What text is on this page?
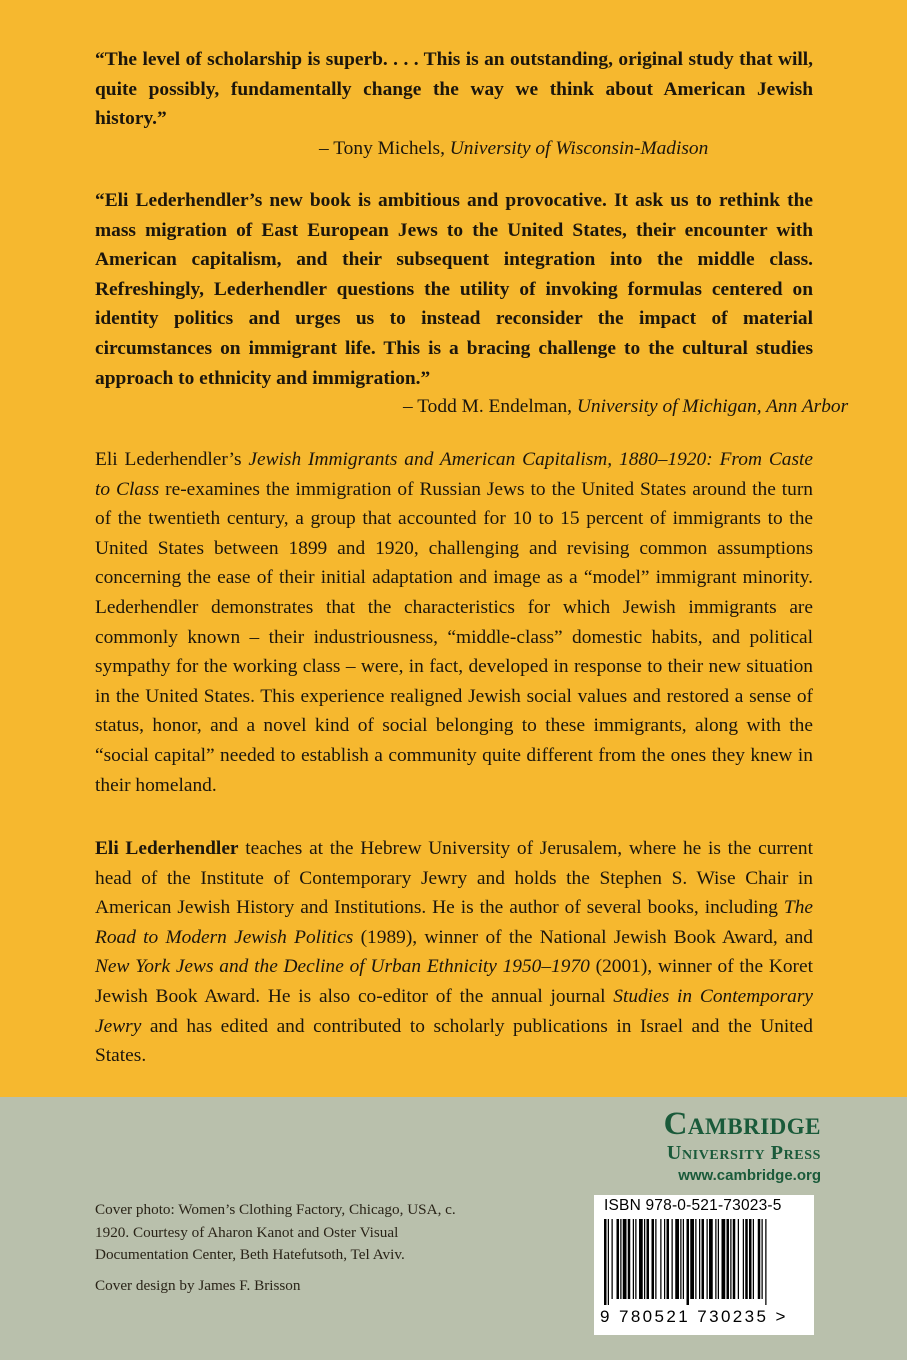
“The level of scholarship is superb. . . . This is an outstanding, original study that will, quite possibly, fundamentally change the way we think about American Jewish history.”

– Tony Michels, University of Wisconsin-Madison

“Eli Lederhendler’s new book is ambitious and provocative. It ask us to rethink the mass migration of East European Jews to the United States, their encounter with American capitalism, and their subsequent integration into the middle class. Refreshingly, Lederhendler questions the utility of invoking formulas centered on identity politics and urges us to instead reconsider the impact of material circumstances on immigrant life. This is a bracing challenge to the cultural studies approach to ethnicity and immigration.”

– Todd M. Endelman, University of Michigan, Ann Arbor

Eli Lederhendler’s Jewish Immigrants and American Capitalism, 1880–1920: From Caste to Class re-examines the immigration of Russian Jews to the United States around the turn of the twentieth century, a group that accounted for 10 to 15 percent of immigrants to the United States between 1899 and 1920, challenging and revising common assumptions concerning the ease of their initial adaptation and image as a “model” immigrant minority. Lederhendler demonstrates that the characteristics for which Jewish immigrants are commonly known – their industriousness, “middle-class” domestic habits, and political sympathy for the working class – were, in fact, developed in response to their new situation in the United States. This experience realigned Jewish social values and restored a sense of status, honor, and a novel kind of social belonging to these immigrants, along with the “social capital” needed to establish a community quite different from the ones they knew in their homeland.

Eli Lederhendler teaches at the Hebrew University of Jerusalem, where he is the current head of the Institute of Contemporary Jewry and holds the Stephen S. Wise Chair in American Jewish History and Institutions. He is the author of several books, including The Road to Modern Jewish Politics (1989), winner of the National Jewish Book Award, and New York Jews and the Decline of Urban Ethnicity 1950–1970 (2001), winner of the Koret Jewish Book Award. He is also co-editor of the annual journal Studies in Contemporary Jewry and has edited and contributed to scholarly publications in Israel and the United States.

Cambridge
University Press
www.cambridge.org

Cover photo: Women’s Clothing Factory, Chicago, USA, c. 1920. Courtesy of Aharon Kanot and Oster Visual Documentation Center, Beth Hatefutsoth, Tel Aviv.

Cover design by James F. Brisson

ISBN 978-0-521-73023-5
9 780521 730235 >
